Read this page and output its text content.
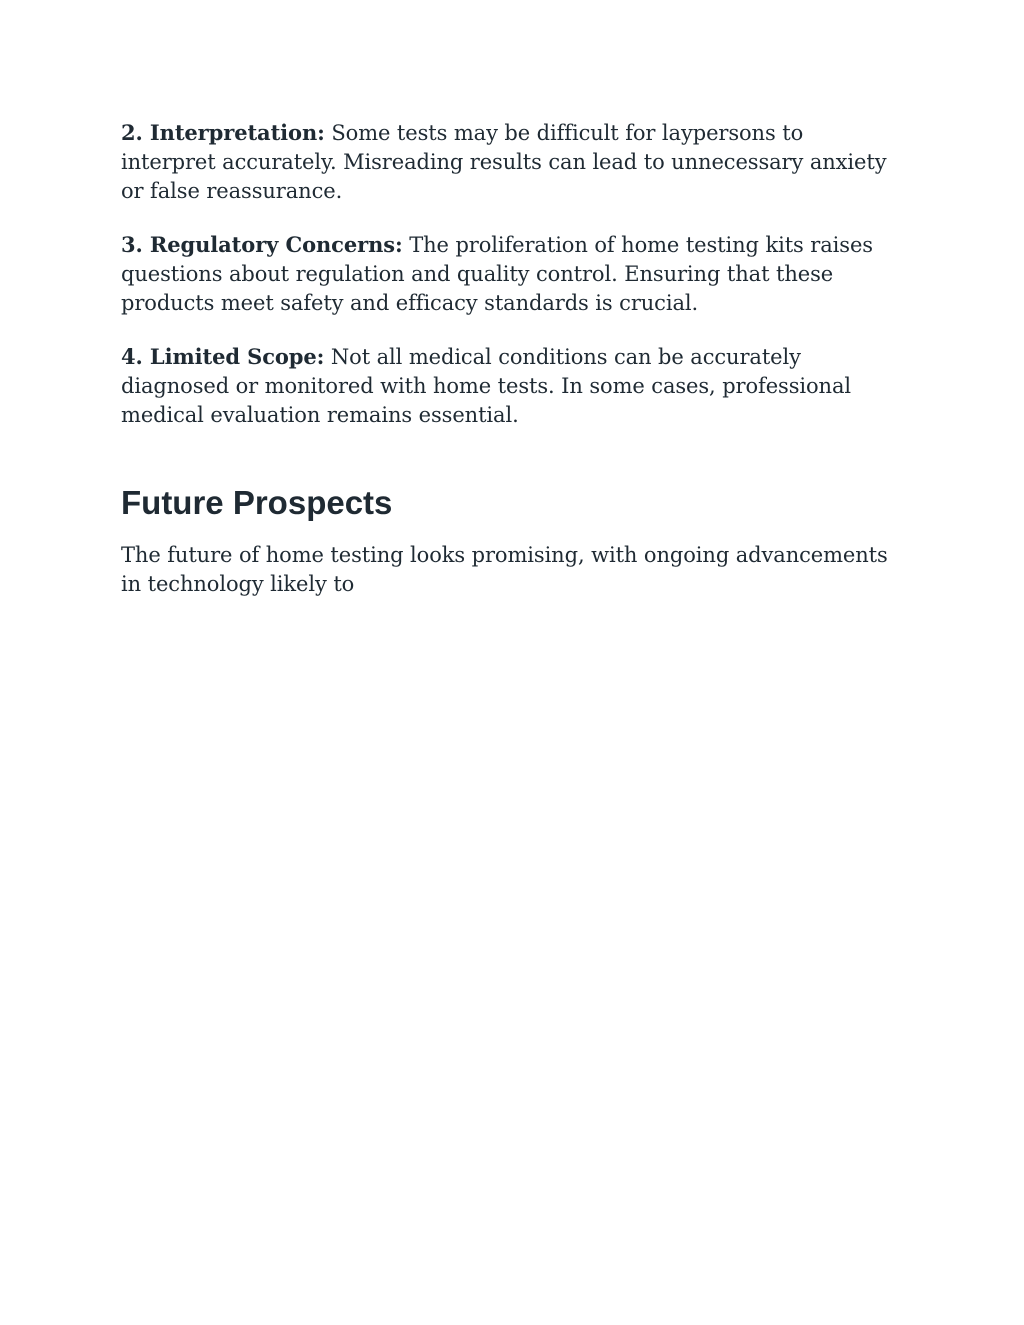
2. Interpretation: Some tests may be difficult for laypersons to interpret accurately. Misreading results can lead to unnecessary anxiety or false reassurance.

3. Regulatory Concerns: The proliferation of home testing kits raises questions about regulation and quality control. Ensuring that these products meet safety and efficacy standards is crucial.

4. Limited Scope: Not all medical conditions can be accurately diagnosed or monitored with home tests. In some cases, professional medical evaluation remains essential.

Future Prospects

The future of home testing looks promising, with ongoing advancements in technology likely to
